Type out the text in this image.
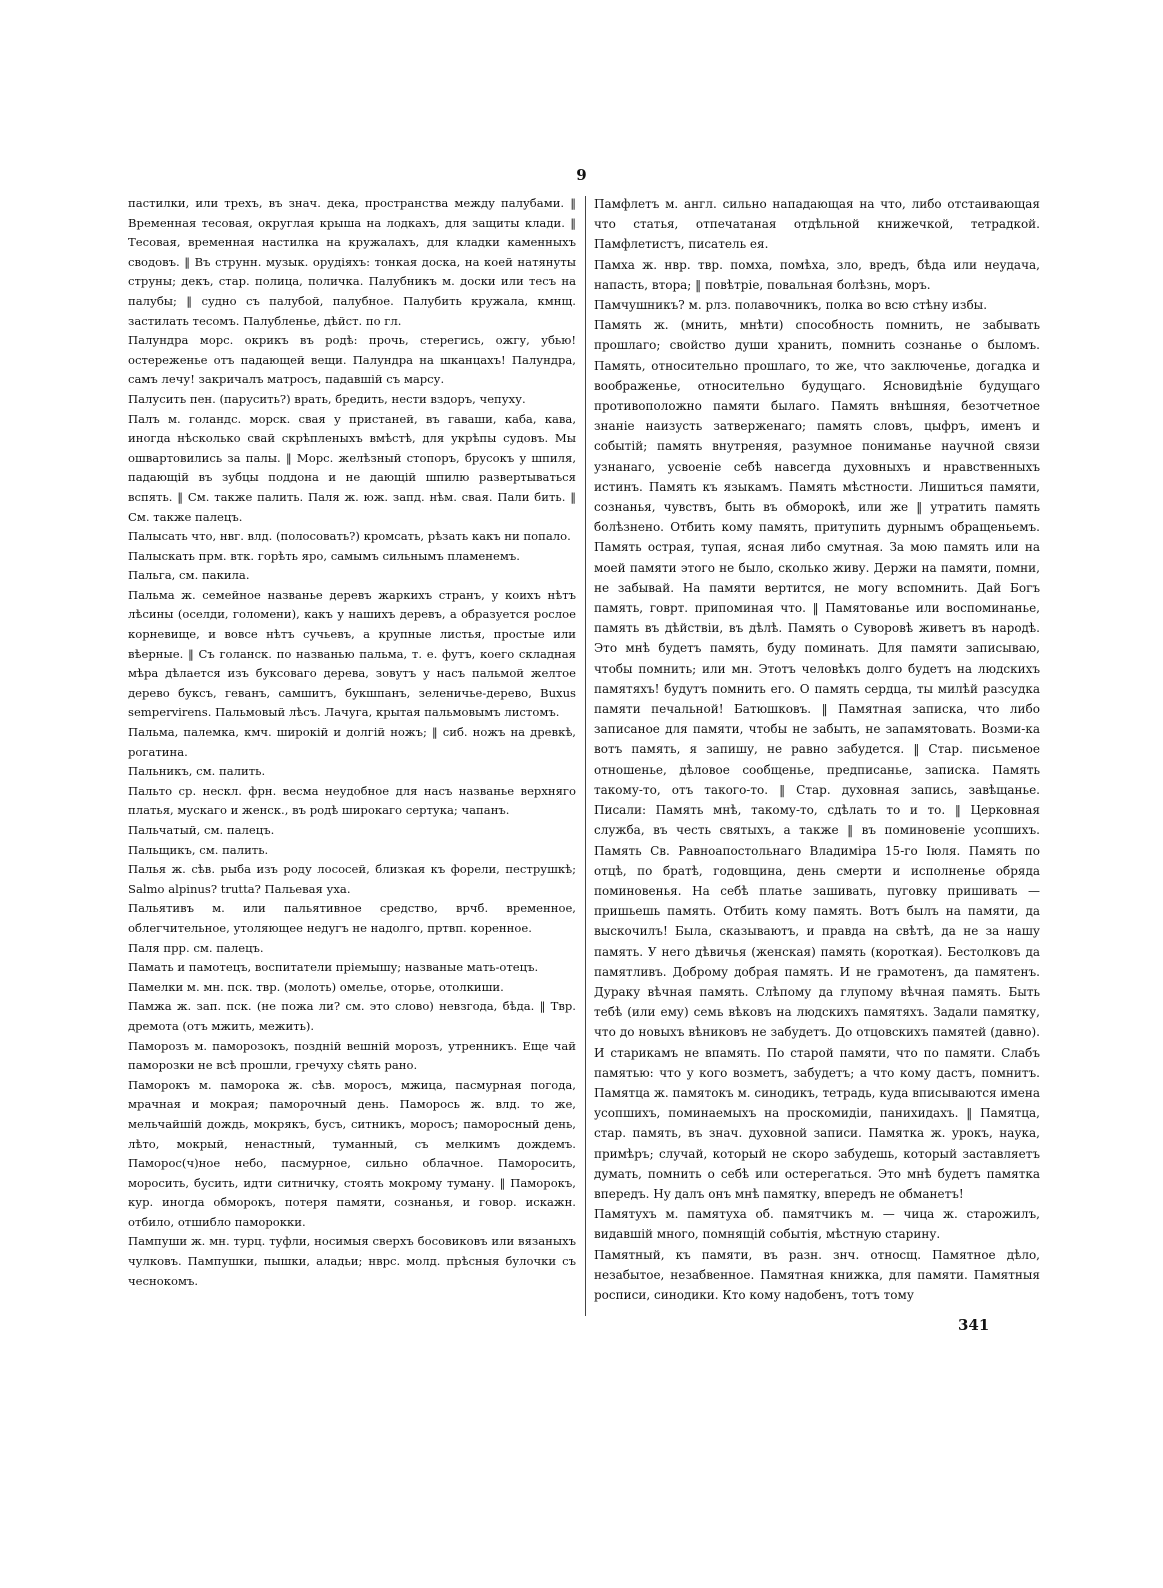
9

пастилки, или трехъ, въ знач. дека, пространства между палубами. ‖ Временная тесовая, округлая крыша на лодкахъ, для защиты клади. ‖ Тесовая, временная настилка на кружалахъ, для кладки каменныхъ сводовъ. ‖ Въ струнн. музык. орудіяхъ: тонкая доска, на коей натянуты струны; декъ, стар. полица, поличка. Палубникъ м. доски или тесъ на палубы; ‖ судно съ палубой, палубное. Палубить кружала, кмнщ. застилать тесомъ. Палубленье, дѣйст. по гл.

Палундра морс. окрикъ въ родѣ: прочь, стерегись, ожгу, убью! остереженье отъ падающей вещи. Палундра на шканцахъ! Палундра, самъ лечу! закричалъ матросъ, падавшій съ марсу.

Палусить пен. (парусить?) врать, бредить, нести вздоръ, чепуху.

Палъ м. голандс. морск. свая у пристаней, въ гаваши, каба, кава, иногда нѣсколько свай скрѣпленыхъ вмѣстѣ, для укрѣпы судовъ. Мы ошвартовились за палы. ‖ Морс. желѣзный стопоръ, брусокъ у шпиля, падающій въ зубцы поддона и не дающій шпилю развертываться вспять. ‖ См. также палить. Паля ж. юж. запд. нѣм. свая. Пали бить. ‖ См. также палецъ.

Палысать что, нвг. влд. (полосовать?) кромсать, рѣзать какъ ни попало.

Палыскать прм. втк. горѣть яро, самымъ сильнымъ пламенемъ.

Пальга, см. пакила.

Пальма ж. семейное названье деревъ жаркихъ странъ, у коихъ нѣтъ лѣсины (оселди, голомени), какъ у нашихъ деревъ, а образуется рослое корневище, и вовсе нѣтъ сучьевъ, а крупные листья, простые или вѣерные. ‖ Съ голанск. по названью пальма, т. е. футъ, коего складная мѣра дѣлается изъ буксоваго дерева, зовутъ у насъ пальмой желтое дерево буксъ, геванъ, самшитъ, букшпанъ, зеленичье-дерево, Buxus sempervirens. Пальмовый лѣсъ. Лачуга, крытая пальмовымъ листомъ.

Пальма, палемка, кмч. широкій и долгій ножъ; ‖ сиб. ножъ на древкѣ, рогатина.

Пальникъ, см. палить.

Пальто ср. нескл. фрн. весма неудобное для насъ названье верхняго платья, мускаго и женск., въ родѣ широкаго сертука; чапанъ.

Пальчатый, см. палецъ.

Пальщикъ, см. палить.

Палья ж. сѣв. рыба изъ роду лососей, близкая къ форели, пеструшкѣ; Salmo alpinus? trutta? Пальевая уха.

Пальятивъ м. или пальятивное средство, врчб. временное, облегчительное, утоляющее недугъ не надолго, пртвп. коренное.

Паля прр. см. палецъ.

Памать и памотецъ, воспитатели пріемышу; названые мать-отецъ.

Памелки м. мн. пск. твр. (молоть) омелье, оторье, отолкиши.

Памжа ж. зап. пск. (не пожа ли? см. это слово) невзгода, бѣда. ‖ Твр. дремота (отъ мжить, межить).

Паморозъ м. паморозокъ, поздній вешній морозъ, утренникъ. Еще чай паморозки не всѣ прошли, гречуху сѣять рано.

Паморокъ м. паморока ж. сѣв. моросъ, мжица, пасмурная погода, мрачная и мокрая; паморочный день. Паморось ж. влд. то же, мельчайшій дождь, мокрякъ, бусъ, ситникъ, моросъ; паморосный день, лѣто, мокрый, ненастный, туманный, съ мелкимъ дождемъ. Паморос(ч)ное небо, пасмурное, сильно облачное. Паморосить, моросить, бусить, идти ситничку, стоять мокрому туману. ‖ Паморокъ, кур. иногда обморокъ, потеря памяти, сознанья, и говор. искажн. отбило, отшибло паморокки.

Пампуши ж. мн. турц. туфли, носимыя сверхъ босовиковъ или вязаныхъ чулковъ. Пампушки, пышки, аладьи; нврс. молд. прѣсныя булочки съ чеснокомъ.

Памфлетъ м. англ. сильно нападающая на что, либо отстаивающая что статья, отпечатаная отдѣльной книжечкой, тетрадкой. Памфлетистъ, писатель ея.

Памха ж. нвр. твр. помха, помѣха, зло, вредъ, бѣда или неудача, напасть, втора; ‖ повѣтріе, повальная болѣзнь, моръ.

Памчушникъ? м. рлз. полавочникъ, полка во всю стѣну избы.

Память ж. (мнить, мнѣти) способность помнить, не забывать прошлаго; свойство души хранить, помнить сознанье о быломъ. Память, относительно прошлаго, то же, что заключенье, догадка и воображенье, относительно будущаго. Ясновидѣніе будущаго противоположно памяти былаго. Память внѣшняя, безотчетное знаніе наизусть затверженаго; память словъ, цыфръ, именъ и событій; память внутреняя, разумное пониманье научной связи узнанаго, усвоеніе себѣ навсегда духовныхъ и нравственныхъ истинъ. Память къ языкамъ. Память мѣстности. Лишиться памяти, сознанья, чувствъ, быть въ обморокѣ, или же ‖ утратить память болѣзнено. Отбить кому память, притупить дурнымъ обращеньемъ. Память острая, тупая, ясная либо смутная. За мою память или на моей памяти этого не было, сколько живу. Держи на памяти, помни, не забывай. На памяти вертится, не могу вспомнить. Дай Богъ память, говрт. припоминая что. ‖ Памятованье или воспоминанье, память въ дѣйствіи, въ дѣлѣ. Память о Суворовѣ живетъ въ народѣ. Это мнѣ будетъ память, буду поминать. Для памяти записываю, чтобы помнить; или мн. Этотъ человѣкъ долго будетъ на людскихъ памятяхъ! будутъ помнить его. О память сердца, ты милѣй разсудка памяти печальной! Батюшковъ. ‖ Памятная записка, что либо записаное для памяти, чтобы не забыть, не запамятовать. Возми-ка вотъ память, я запишу, не равно забудется. ‖ Стар. письменое отношенье, дѣловое сообщенье, предписанье, записка. Память такому-то, отъ такого-то. ‖ Стар. духовная запись, завѣщанье. Писали: Память мнѣ, такому-то, сдѣлать то и то. ‖ Церковная служба, въ честь святыхъ, а также ‖ въ поминовеніе усопшихъ. Память Св. Равноапостольнаго Владиміра 15-го Іюля. Память по отцѣ, по братѣ, годовщина, день смерти и исполненье обряда поминовенья. На себѣ платье зашивать, пуговку пришивать — пришьешь память. Отбить кому память. Вотъ былъ на памяти, да выскочилъ! Была, сказываютъ, и правда на свѣтѣ, да не за нашу память. У него дѣвичья (женская) память (короткая). Бестолковъ да памятливъ. Доброму добрая память. И не грамотенъ, да памятенъ. Дураку вѣчная память. Слѣпому да глупому вѣчная память. Быть тебѣ (или ему) семь вѣковъ на людскихъ памятяхъ. Задали памятку, что до новыхъ вѣниковъ не забудетъ. До отцовскихъ памятей (давно). И старикамъ не впамять. По старой памяти, что по памяти. Слабъ памятью: что у кого возметъ, забудетъ; а что кому дастъ, помнитъ. Памятца ж. памятокъ м. синодикъ, тетрадь, куда вписываются имена усопшихъ, поминаемыхъ на проскомидіи, панихидахъ. ‖ Памятца, стар. память, въ знач. духовной записи. Памятка ж. урокъ, наука, примѣръ; случай, который не скоро забудешь, который заставляетъ думать, помнить о себѣ или остерегаться. Это мнѣ будетъ памятка впередъ. Ну далъ онъ мнѣ памятку, впередъ не обманетъ!

Памятухъ м. памятуха об. памятчикъ м. — чица ж. старожилъ, видавшій много, помнящій событія, мѣстную старину.

Памятный, къ памяти, въ разн. знч. относщ. Памятное дѣло, незабытое, незабвенное. Памятная книжка, для памяти. Памятныя росписи, синодики. Кто кому надобенъ, тотъ тому

341
